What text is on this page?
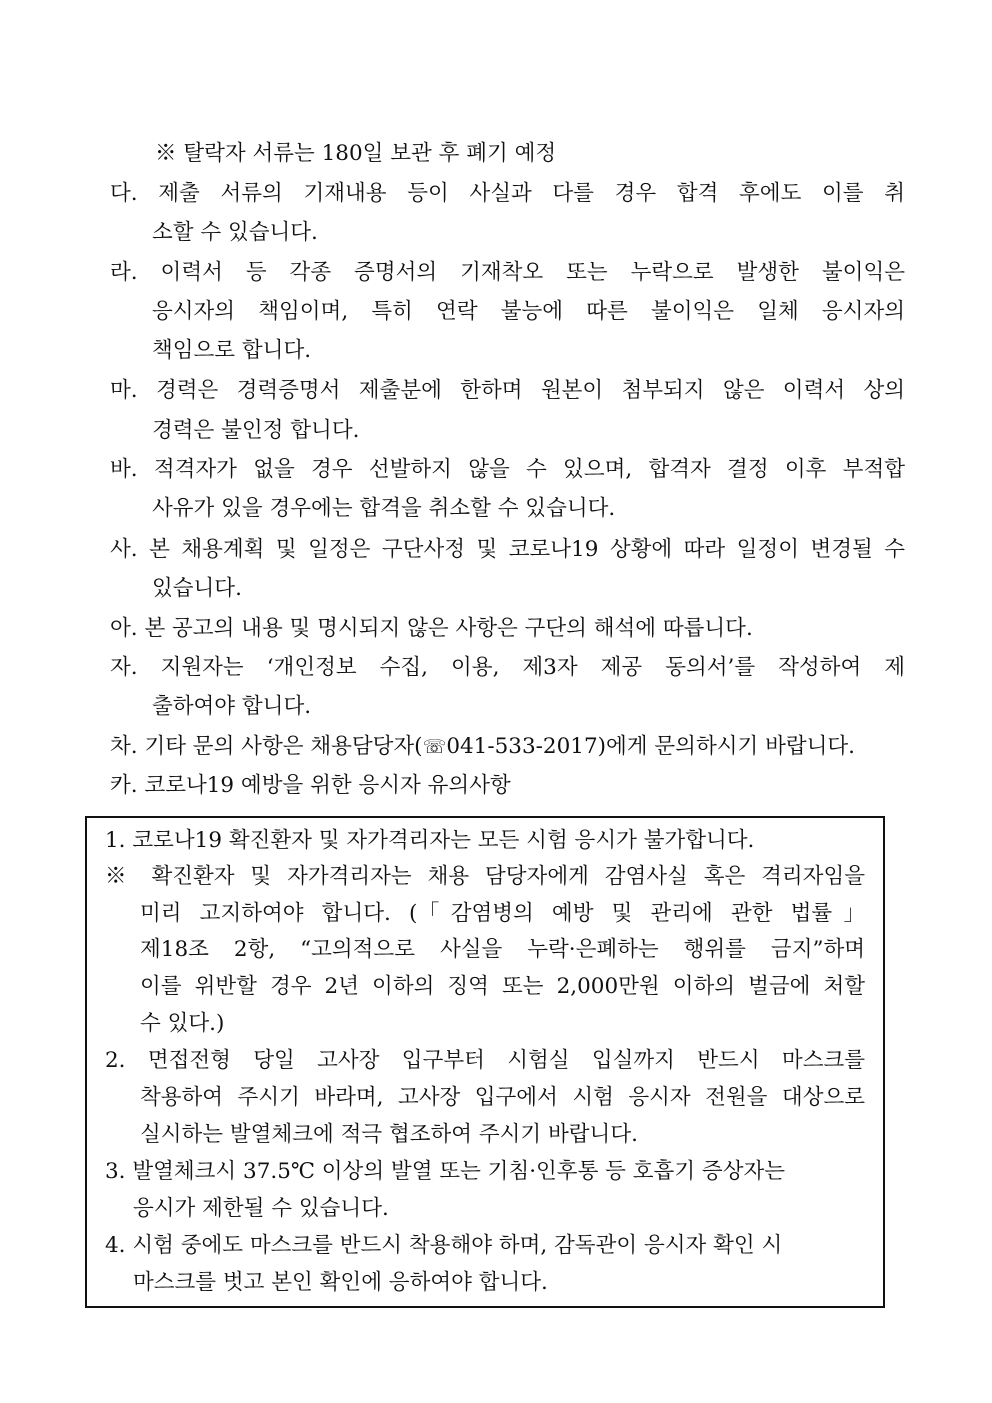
※ 탈락자 서류는 180일 보관 후 폐기 예정
다. 제출 서류의 기재내용 등이 사실과 다를 경우 합격 후에도 이를 취
소할 수 있습니다.
라. 이력서 등 각종 증명서의 기재착오 또는 누락으로 발생한 불이익은
응시자의 책임이며, 특히 연락 불능에 따른 불이익은 일체 응시자의
책임으로 합니다.
마. 경력은 경력증명서 제출분에 한하며 원본이 첨부되지 않은 이력서 상의
경력은 불인정 합니다.
바. 적격자가 없을 경우 선발하지 않을 수 있으며, 합격자 결정 이후 부적합
사유가 있을 경우에는 합격을 취소할 수 있습니다.
사. 본 채용계획 및 일정은 구단사정 및 코로나19 상황에 따라 일정이 변경될 수
있습니다.
아. 본 공고의 내용 및 명시되지 않은 사항은 구단의 해석에 따릅니다.
자. 지원자는 ‘개인정보 수집, 이용, 제3자 제공 동의서’를 작성하여 제
출하여야 합니다.
차. 기타 문의 사항은 채용담당자(☏041-533-2017)에게 문의하시기 바랍니다.
카. 코로나19 예방을 위한 응시자 유의사항
1. 코로나19 확진환자 및 자가격리자는 모든 시험 응시가 불가합니다.
※ 확진환자 및 자가격리자는 채용 담당자에게 감염사실 혹은 격리자임을
미리 고지하여야 합니다. (「감염병의 예방 및 관리에 관한 법률」
제18조 2항, “고의적으로 사실을 누락·은폐하는 행위를 금지”하며
이를 위반할 경우 2년 이하의 징역 또는 2,000만원 이하의 벌금에 처할
수 있다.)
2. 면접전형 당일 고사장 입구부터 시험실 입실까지 반드시 마스크를
착용하여 주시기 바라며, 고사장 입구에서 시험 응시자 전원을 대상으로
실시하는 발열체크에 적극 협조하여 주시기 바랍니다.
3. 발열체크시 37.5℃ 이상의 발열 또는 기침·인후통 등 호흡기 증상자는
응시가 제한될 수 있습니다.
4. 시험 중에도 마스크를 반드시 착용해야 하며, 감독관이 응시자 확인 시
마스크를 벗고 본인 확인에 응하여야 합니다.
